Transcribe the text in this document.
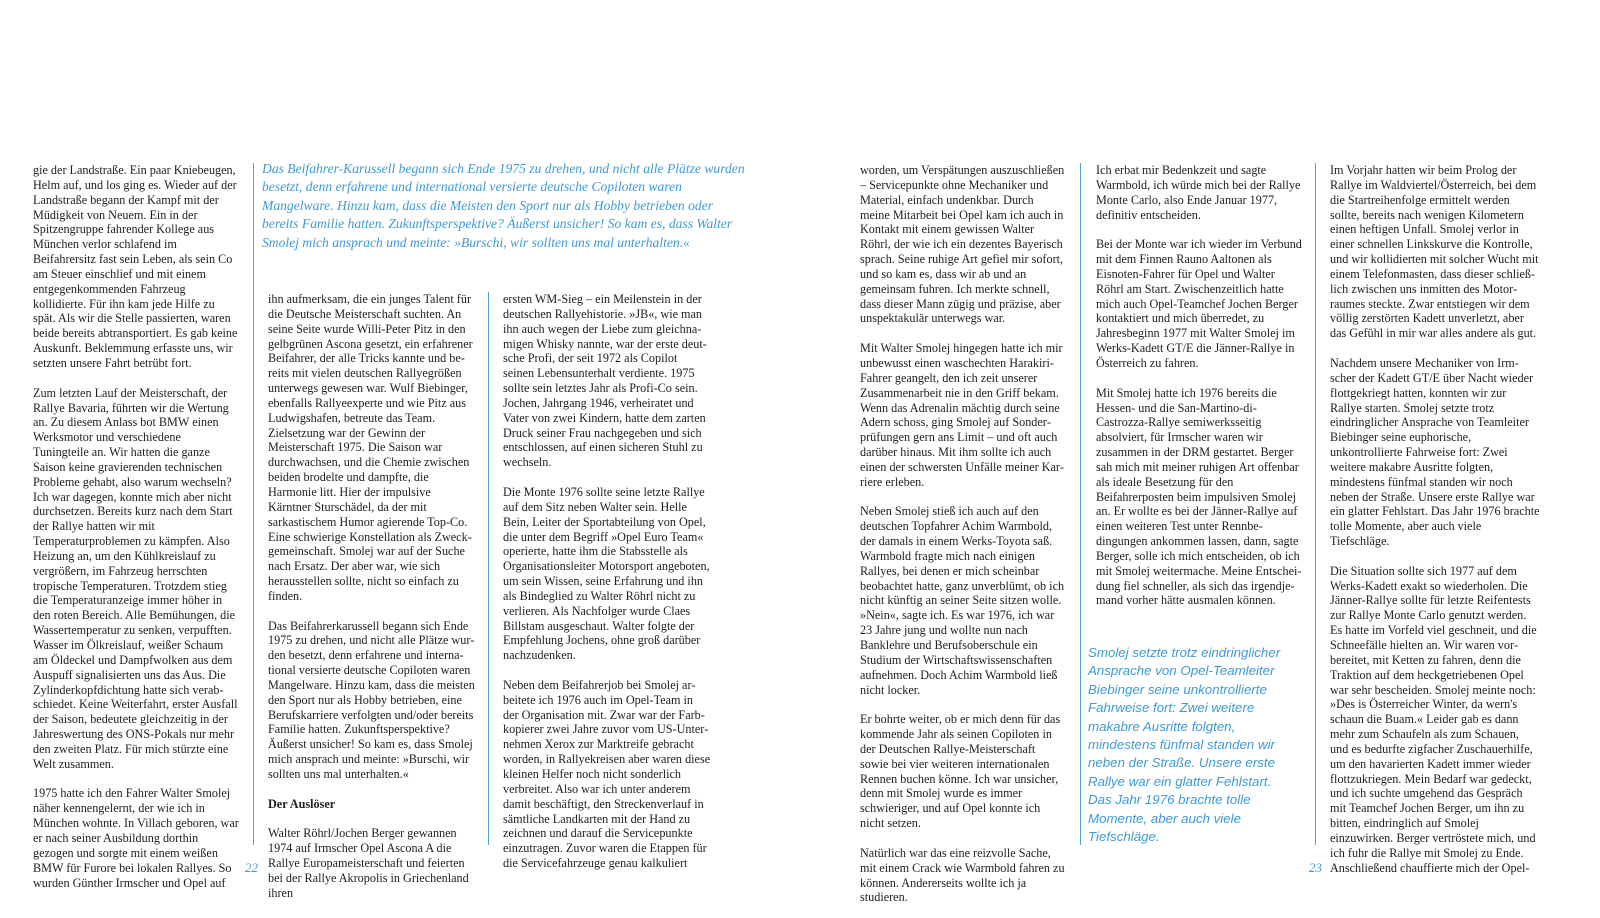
gie der Landstraße. Ein paar Kniebeugen, Helm auf, und los ging es. Wieder auf der Landstraße begann der Kampf mit der Müdigkeit von Neuem. Ein in der Spitzengruppe fahrender Kollege aus München verlor schlafend im Beifahrersitz fast sein Leben, als sein Co am Steuer einschlief und mit einem entgegenkommenden Fahrzeug kollidierte. Für ihn kam jede Hilfe zu spät. Als wir die Stelle passierten, waren beide bereits abtransportiert. Es gab keine Auskunft. Beklemmung erfasste uns, wir setzten unsere Fahrt betrübt fort.

Zum letzten Lauf der Meisterschaft, der Rallye Bavaria, führten wir die Wertung an. Zu diesem Anlass bot BMW einen Werksmotor und verschiedene Tuningteile an. Wir hatten die ganze Saison keine gravierenden technischen Probleme gehabt, also warum wechseln? Ich war dagegen, konnte mich aber nicht durchsetzen. Bereits kurz nach dem Start der Rallye hatten wir mit Temperaturproblemen zu kämpfen. Also Heizung an, um den Kühlkreislauf zu vergrößern, im Fahrzeug herrschten tropische Temperaturen. Trotzdem stieg die Temperaturanzeige immer höher in den roten Bereich. Alle Bemühungen, die Wassertemperatur zu senken, verpufften. Wasser im Ölkreislauf, weißer Schaum am Öldeckel und Dampfwolken aus dem Auspuff signalisierten uns das Aus. Die Zylinderkopfdichtung hatte sich verabschiedet. Keine Weiterfahrt, erster Ausfall der Saison, bedeutete gleichzeitig in der Jahreswertung des ONS-Pokals nur mehr den zweiten Platz. Für mich stürzte eine Welt zusammen.

1975 hatte ich den Fahrer Walter Smolej näher kennengelernt, der wie ich in München wohnte. In Villach geboren, war er nach seiner Ausbildung dorthin gezogen und sorgte mit einem weißen BMW für Furore bei lokalen Rallyes. So wurden Günther Irmscher und Opel auf

Das Beifahrer-Karussell begann sich Ende 1975 zu drehen, und nicht alle Plätze wurden besetzt, denn erfahrene und international versierte deutsche Copiloten waren Mangelware. Hinzu kam, dass die Meisten den Sport nur als Hobby betrieben oder bereits Familie hatten. Zukunftsperspektive? Äußerst unsicher! So kam es, dass Walter Smolej mich ansprach und meinte: »Burschi, wir sollten uns mal unterhalten.«

ihn aufmerksam, die ein junges Talent für die Deutsche Meisterschaft suchten. An seine Seite wurde Willi-Peter Pitz in den gelbgrünen Ascona gesetzt, ein erfahrener Beifahrer, der alle Tricks kannte und bereits mit vielen deutschen Rallyegrößen unterwegs gewesen war. Wulf Biebinger, ebenfalls Rallyeexperte und wie Pitz aus Ludwigshafen, betreute das Team. Zielsetzung war der Gewinn der Meisterschaft 1975. Die Saison war durchwachsen, und die Chemie zwischen beiden brodelte und dampfte, die Harmonie litt. Hier der impulsive Kärntner Sturschädel, da der mit sarkastischem Humor agierende Top-Co. Eine schwierige Konstellation als Zweckgemeinschaft. Smolej war auf der Suche nach Ersatz. Der aber war, wie sich herausstellen sollte, nicht so einfach zu finden.

Das Beifahrerkarussell begann sich Ende 1975 zu drehen, und nicht alle Plätze wurden besetzt, denn erfahrene und international versierte deutsche Copiloten waren Mangelware. Hinzu kam, dass die meisten den Sport nur als Hobby betrieben, eine Berufskarriere verfolgten und/oder bereits Familie hatten. Zukunftsperspektive? Äußerst unsicher! So kam es, dass Smolej mich ansprach und meinte: »Burschi, wir sollten uns mal unterhalten.«

Der Auslöser

Walter Röhrl/Jochen Berger gewannen 1974 auf Irmscher Opel Ascona A die Rallye Europameisterschaft und feierten bei der Rallye Akropolis in Griechenland ihren

ersten WM-Sieg – ein Meilenstein in der deutschen Rallyehistorie. »JB«, wie man ihn auch wegen der Liebe zum gleichnamigen Whisky nannte, war der erste deutsche Profi, der seit 1972 als Copilot seinen Lebensunterhalt verdiente. 1975 sollte sein letztes Jahr als Profi-Co sein. Jochen, Jahrgang 1946, verheiratet und Vater von zwei Kindern, hatte dem zarten Druck seiner Frau nachgegeben und sich entschlossen, auf einen sicheren Stuhl zu wechseln.

Die Monte 1976 sollte seine letzte Rallye auf dem Sitz neben Walter sein. Helle Bein, Leiter der Sportabteilung von Opel, die unter dem Begriff »Opel Euro Team« operierte, hatte ihm die Stabsstelle als Organisationsleiter Motorsport angeboten, um sein Wissen, seine Erfahrung und ihn als Bindeglied zu Walter Röhrl nicht zu verlieren. Als Nachfolger wurde Claes Billstam ausgeschaut. Walter folgte der Empfehlung Jochens, ohne groß darüber nachzudenken.

Neben dem Beifahrerjob bei Smolej arbeitete ich 1976 auch im Opel-Team in der Organisation mit. Zwar war der Farbkopierer zwei Jahre zuvor vom US-Unternehmen Xerox zur Marktreife gebracht worden, in Rallyekreisen aber waren diese kleinen Helfer noch nicht sonderlich verbreitet. Also war ich unter anderem damit beschäftigt, den Streckenverlauf in sämtliche Landkarten mit der Hand zu zeichnen und darauf die Servicepunkte einzutragen. Zuvor waren die Etappen für die Servicefahrzeuge genau kalkuliert

22

worden, um Verspätungen auszuschließen – Servicepunkte ohne Mechaniker und Material, einfach undenkbar. Durch meine Mitarbeit bei Opel kam ich auch in Kontakt mit einem gewissen Walter Röhrl, der wie ich ein dezentes Bayerisch sprach. Seine ruhige Art gefiel mir sofort, und so kam es, dass wir ab und an gemeinsam fuhren. Ich merkte schnell, dass dieser Mann zügig und präzise, aber unspektakulär unterwegs war.

Mit Walter Smolej hingegen hatte ich mir unbewusst einen waschechten Harakiri-Fahrer geangelt, den ich zeit unserer Zusammenarbeit nie in den Griff bekam. Wenn das Adrenalin mächtig durch seine Adern schoss, ging Smolej auf Sonderprüfungen gern ans Limit – und oft auch darüber hinaus. Mit ihm sollte ich auch einen der schwersten Unfälle meiner Karriere erleben.

Neben Smolej stieß ich auch auf den deutschen Topfahrer Achim Warmbold, der damals in einem Werks-Toyota saß. Warmbold fragte mich nach einigen Rallyes, bei denen er mich scheinbar beobachtet hatte, ganz unverblümt, ob ich nicht künftig an seiner Seite sitzen wolle. »Nein«, sagte ich. Es war 1976, ich war 23 Jahre jung und wollte nun nach Banklehre und Berufsoberschule ein Studium der Wirtschaftswissenschaften aufnehmen. Doch Achim Warmbold ließ nicht locker.

Er bohrte weiter, ob er mich denn für das kommende Jahr als seinen Copiloten in der Deutschen Rallye-Meisterschaft sowie bei vier weiteren internationalen Rennen buchen könne. Ich war unsicher, denn mit Smolej wurde es immer schwieriger, und auf Opel konnte ich nicht setzen.

Natürlich war das eine reizvolle Sache, mit einem Crack wie Warmbold fahren zu können. Andererseits wollte ich ja studieren.

Ich erbat mir Bedenkzeit und sagte Warmbold, ich würde mich bei der Rallye Monte Carlo, also Ende Januar 1977, definitiv entscheiden.

Bei der Monte war ich wieder im Verbund mit dem Finnen Rauno Aaltonen als Eisnoten-Fahrer für Opel und Walter Röhrl am Start. Zwischenzeitlich hatte mich auch Opel-Teamchef Jochen Berger kontaktiert und mich überredet, zu Jahresbeginn 1977 mit Walter Smolej im Werks-Kadett GT/E die Jänner-Rallye in Österreich zu fahren.

Mit Smolej hatte ich 1976 bereits die Hessen- und die San-Martino-di-Castrozza-Rallye semiwerksseitig absolviert, für Irmscher waren wir zusammen in der DRM gestartet. Berger sah mich mit meiner ruhigen Art offenbar als ideale Besetzung für den Beifahrerposten beim impulsiven Smolej an. Er wollte es bei der Jänner-Rallye auf einen weiteren Test unter Rennbedingungen ankommen lassen, dann, sagte Berger, solle ich mich entscheiden, ob ich mit Smolej weitermache. Meine Entscheidung fiel schneller, als sich das irgendjemand vorher hätte ausmalen können.

Smolej setzte trotz eindringlicher Ansprache von Opel-Teamleiter Biebinger seine unkontrollierte Fahrweise fort: Zwei weitere makabre Ausritte folgten, mindestens fünfmal standen wir neben der Straße. Unsere erste Rallye war ein glatter Fehlstart. Das Jahr 1976 brachte tolle Momente, aber auch viele Tiefschläge.

Im Vorjahr hatten wir beim Prolog der Rallye im Waldviertel/Österreich, bei dem die Startreihenfolge ermittelt werden sollte, bereits nach wenigen Kilometern einen heftigen Unfall. Smolej verlor in einer schnellen Linkskurve die Kontrolle, und wir kollidierten mit solcher Wucht mit einem Telefonmasten, dass dieser schließlich zwischen uns inmitten des Motorraumes steckte. Zwar entstiegen wir dem völlig zerstörten Kadett unverletzt, aber das Gefühl in mir war alles andere als gut.

Nachdem unsere Mechaniker von Irmscher der Kadett GT/E über Nacht wieder flottgekriegt hatten, konnten wir zur Rallye starten. Smolej setzte trotz eindringlicher Ansprache von Teamleiter Biebinger seine euphorische, unkontrollierte Fahrweise fort: Zwei weitere makabre Ausritte folgten, mindestens fünfmal standen wir noch neben der Straße. Unsere erste Rallye war ein glatter Fehlstart. Das Jahr 1976 brachte tolle Momente, aber auch viele Tiefschläge.

Die Situation sollte sich 1977 auf dem Werks-Kadett exakt so wiederholen. Die Jänner-Rallye sollte für letzte Reifentests zur Rallye Monte Carlo genutzt werden. Es hatte im Vorfeld viel geschneit, und die Schneefälle hielten an. Wir waren vorbereitet, mit Ketten zu fahren, denn die Traktion auf dem heckgetriebenen Opel war sehr bescheiden. Smolej meinte noch: »Des is Österreicher Winter, da wern's schaun die Buam.« Leider gab es dann mehr zum Schaufeln als zum Schauen, und es bedurfte zigfacher Zuschauerhilfe, um den havarierten Kadett immer wieder flottzukriegen. Mein Bedarf war gedeckt, und ich suchte umgehend das Gespräch mit Teamchef Jochen Berger, um ihn zu bitten, eindringlich auf Smolej einzuwirken. Berger vertröstete mich, und ich fuhr die Rallye mit Smolej zu Ende. Anschließend chauffierte mich der Opel-

23
